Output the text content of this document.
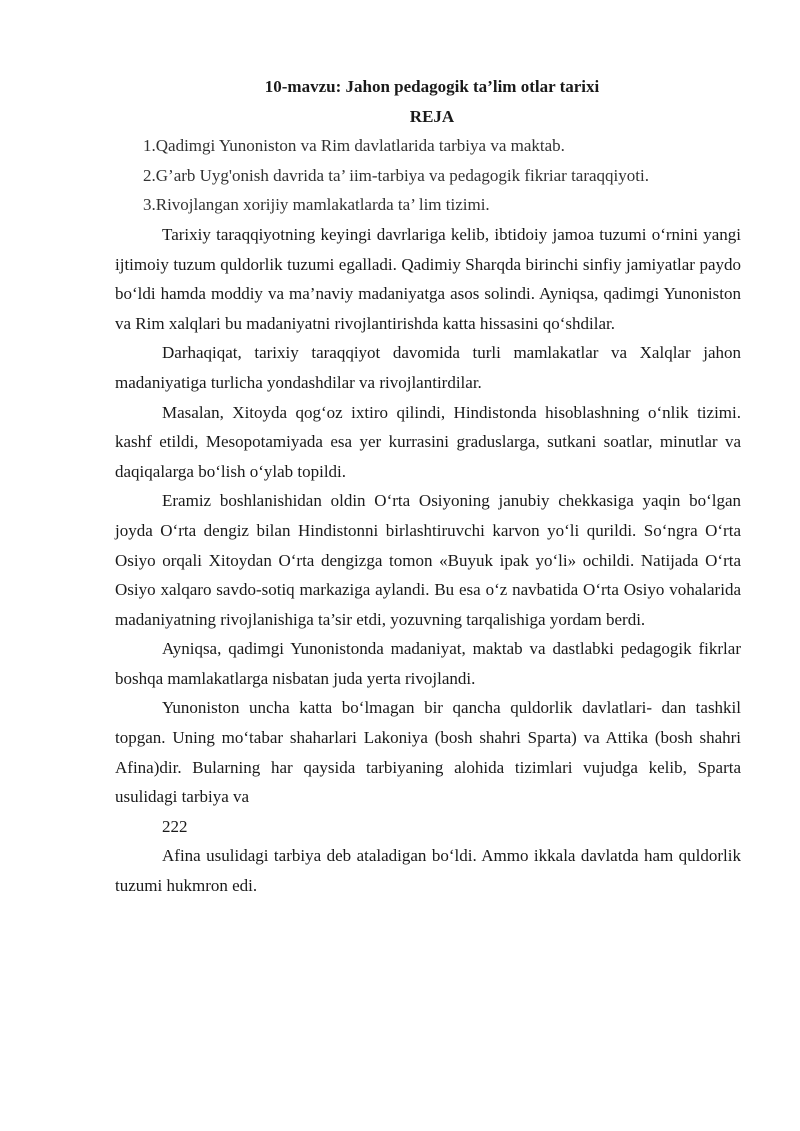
10-mavzu: Jahon pedagogik ta’lim otlar tarixi

REJA

1.Qadimgi Yunoniston va Rim davlatlarida tarbiya va maktab.

2.G’arb Uyg'onish davrida ta’ iim-tarbiya va pedagogik fikriar taraqqiyoti.

3.Rivojlangan xorijiy mamlakatlarda ta’ lim tizimi.

Tarixiy taraqqiyotning keyingi davrlariga kelib, ibtidoiy jamoa tuzumi o‘rnini yangi ijtimoiy tuzum quldorlik tuzumi egalladi. Qadimiy Sharqda birinchi sinfiy jamiyatlar paydo bo‘ldi hamda moddiy va ma’naviy madaniyatga asos solindi. Ayniqsa, qadimgi Yunoniston va Rim xalqlari bu madaniyatni rivojlantirishda katta hissasini qo‘shdilar.

Darhaqiqat, tarixiy taraqqiyot davomida turli mamlakatlar va Xalqlar jahon madaniyatiga turlicha yondashdilar va rivojlantirdilar.

Masalan, Xitoyda qog‘oz ixtiro qilindi, Hindistonda hisoblashning o‘nlik tizimi. kashf etildi, Mesopotamiyada esa yer kurrasini graduslarga, sutkani soatlar, minutlar va daqiqalarga bo‘lish o‘ylab topildi.

Eramiz boshlanishidan oldin O‘rta Osiyoning janubiy chekkasiga yaqin bo‘lgan joyda O‘rta dengiz bilan Hindistonni birlashtiruvchi karvon yo‘li qurildi. So‘ngra O‘rta Osiyo orqali Xitoydan O‘rta dengizga tomon «Buyuk ipak yo‘li» ochildi. Natijada O‘rta Osiyo xalqaro savdo-sotiq markaziga aylandi. Bu esa o‘z navbatida O‘rta Osiyo vohalarida madaniyatning rivojlanishiga ta’sir etdi, yozuvning tarqalishiga yordam berdi.

Ayniqsa, qadimgi Yunonistonda madaniyat, maktab va dastlabki pedagogik fikrlar boshqa mamlakatlarga nisbatan juda yerta rivojlandi.

Yunoniston uncha katta bo‘lmagan bir qancha quldorlik davlatlari- dan tashkil topgan. Uning mo‘tabar shaharlari Lakoniya (bosh shahri Sparta) va Attika (bosh shahri Afina)dir. Bularning har qaysida tarbiyaning alohida tizimlari vujudga kelib, Sparta usulidagi tarbiya va

222

Afina usulidagi tarbiya deb ataladigan bo‘ldi. Ammo ikkala davlatda ham quldorlik tuzumi hukmron edi.
